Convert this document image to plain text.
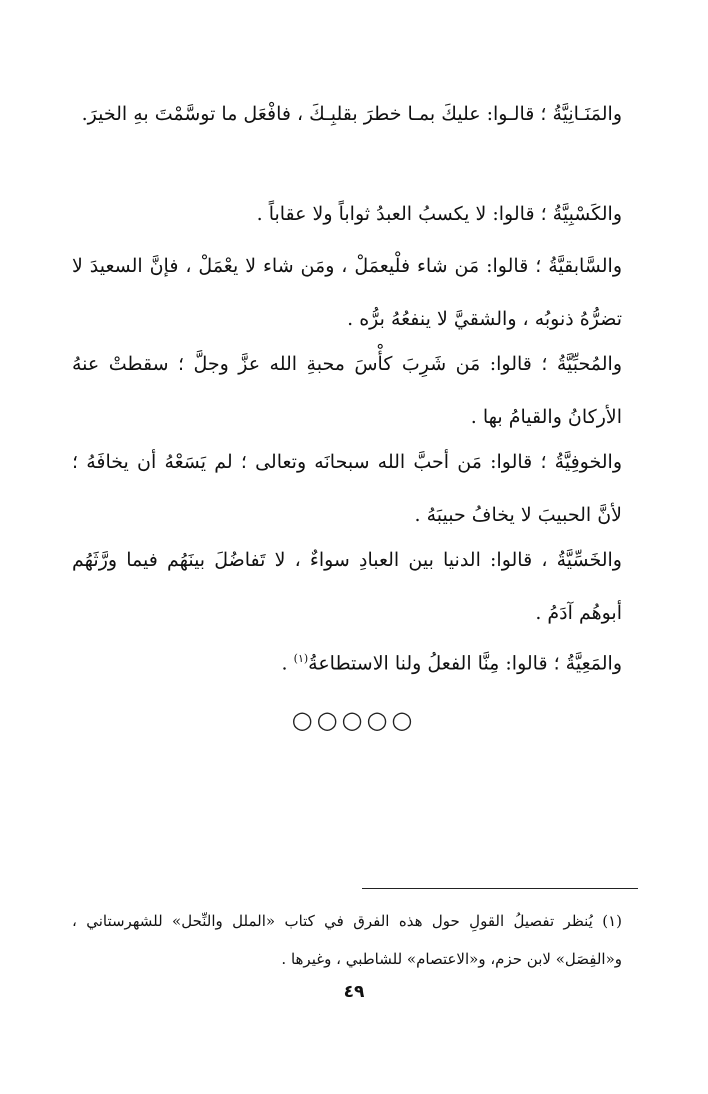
والمَنَـانِيَّةُ ؛ قالـوا: عليكَ بمـا خطرَ بقلبِـكَ ، فافْعَل ما توسَّمْتَ بهِ الخيرَ.

والكَسْبِيَّةُ ؛ قالوا: لا يكسبُ العبدُ ثواباً ولا عقاباً .

والسَّابقيَّةُ ؛ قالوا: مَن شاء فلْيعمَلْ ، ومَن شاء لا يعْمَلْ ، فإنَّ السعيدَ لا تضرُّهُ ذنوبُه ، والشقيَّ لا ينفعُهُ برُّه .

والمُحبِّيَّةُ ؛ قالوا: مَن شَرِبَ كأْسَ محبةِ الله عزَّ وجلَّ ؛ سقطتْ عنهُ الأركانُ والقيامُ بها .

والخوفِيَّةُ ؛ قالوا: مَن أحبَّ الله سبحانَه وتعالى ؛ لم يَسَعْهُ أن يخافَهُ ؛ لأنَّ الحبيبَ لا يخافُ حبيبَهُ .

والخَسِّيَّةُ ، قالوا: الدنيا بين العبادِ سواءٌ ، لا تَفاضُلَ بينَهُم فيما ورَّثَهُم أبوهُم آدَمُ .

والمَعِيَّةُ ؛ قالوا: مِنَّا الفعلُ ولنا الاستطاعةُ$^{(١)}$ .

○○○○○

(١) يُنظر تفصيلُ القولِ حول هذه الفرق في كتاب «الملل والنِّحل» للشهرستاني ، و«الفِصَل» لابن حزم، و«الاعتصام» للشاطبي ، وغيرها .

٤٩
